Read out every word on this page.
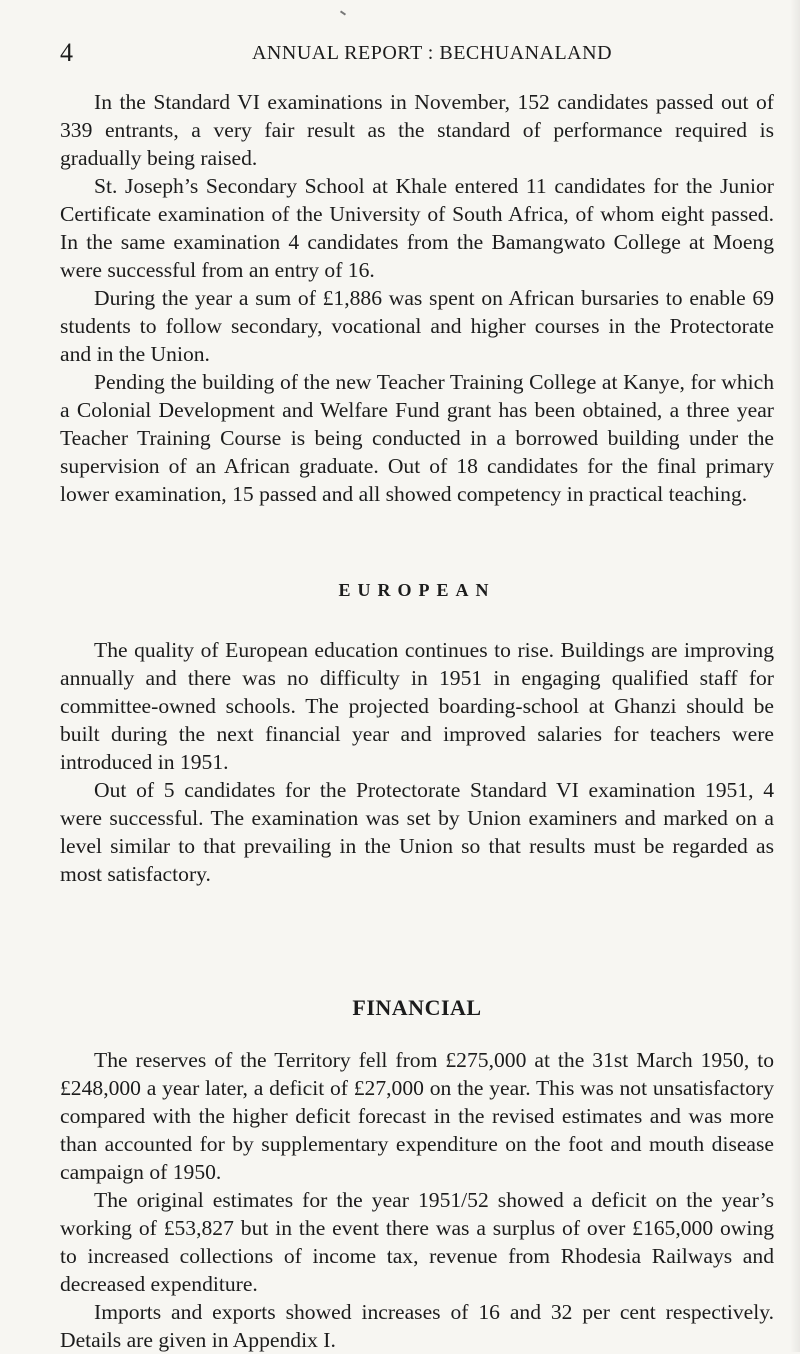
4	ANNUAL REPORT : BECHUANALAND

In the Standard VI examinations in November, 152 candidates passed out of 339 entrants, a very fair result as the standard of performance required is gradually being raised.

St. Joseph’s Secondary School at Khale entered 11 candidates for the Junior Certificate examination of the University of South Africa, of whom eight passed. In the same examination 4 candidates from the Bamangwato College at Moeng were successful from an entry of 16.

During the year a sum of £1,886 was spent on African bursaries to enable 69 students to follow secondary, vocational and higher courses in the Protectorate and in the Union.

Pending the building of the new Teacher Training College at Kanye, for which a Colonial Development and Welfare Fund grant has been obtained, a three year Teacher Training Course is being conducted in a borrowed building under the supervision of an African graduate. Out of 18 candidates for the final primary lower examination, 15 passed and all showed competency in practical teaching.

EUROPEAN

The quality of European education continues to rise. Buildings are improving annually and there was no difficulty in 1951 in engaging qualified staff for committee-owned schools. The projected boarding-school at Ghanzi should be built during the next financial year and improved salaries for teachers were introduced in 1951.

Out of 5 candidates for the Protectorate Standard VI examination 1951, 4 were successful. The examination was set by Union examiners and marked on a level similar to that prevailing in the Union so that results must be regarded as most satisfactory.

FINANCIAL

The reserves of the Territory fell from £275,000 at the 31st March 1950, to £248,000 a year later, a deficit of £27,000 on the year. This was not unsatisfactory compared with the higher deficit forecast in the revised estimates and was more than accounted for by supplementary expenditure on the foot and mouth disease campaign of 1950.

The original estimates for the year 1951/52 showed a deficit on the year’s working of £53,827 but in the event there was a surplus of over £165,000 owing to increased collections of income tax, revenue from Rhodesia Railways and decreased expenditure.

Imports and exports showed increases of 16 and 32 per cent respectively. Details are given in Appendix I.
